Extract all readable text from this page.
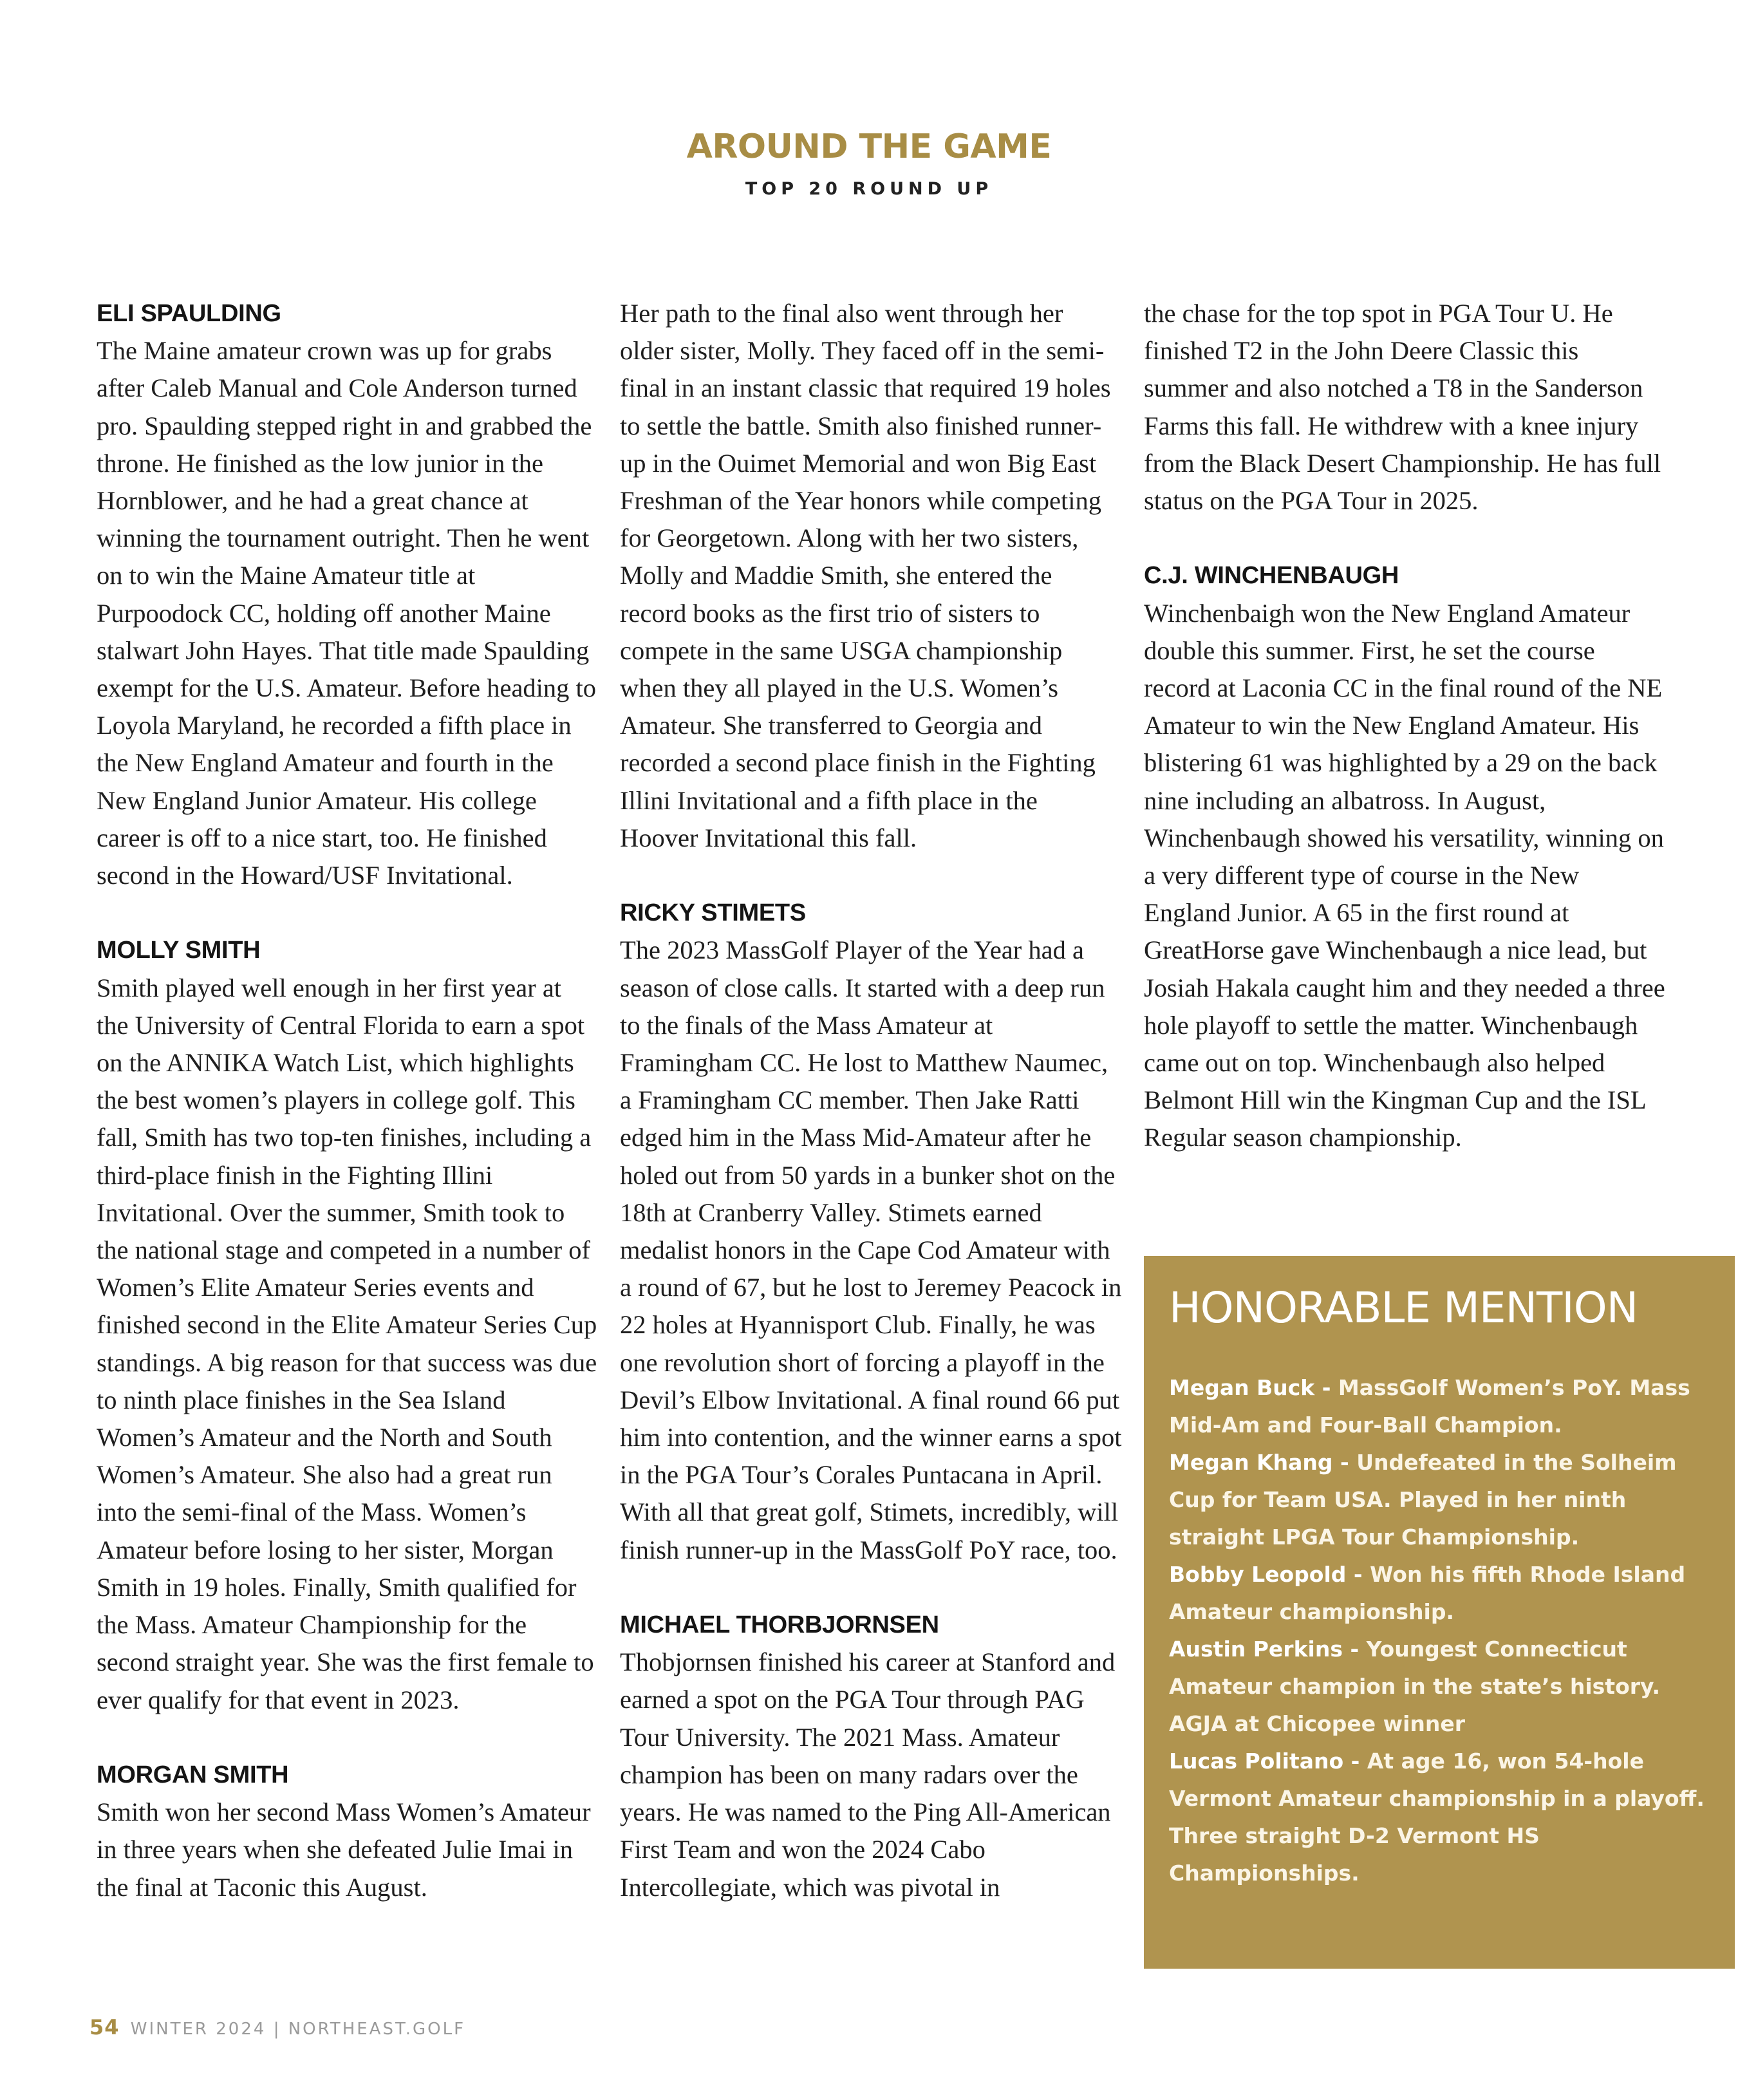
AROUND THE GAME
TOP 20 ROUND UP
ELI SPAULDING

The Maine amateur crown was up for grabs after Caleb Manual and Cole Anderson turned pro. Spaulding stepped right in and grabbed the throne. He finished as the low junior in the Hornblower, and he had a great chance at winning the tournament outright. Then he went on to win the Maine Amateur title at Purpoodock CC, holding off another Maine stalwart John Hayes. That title made Spaulding exempt for the U.S. Amateur. Before heading to Loyola Maryland, he recorded a fifth place in the New England Amateur and fourth in the New England Junior Amateur. His college career is off to a nice start, too. He finished second in the Howard/USF Invitational.

MOLLY SMITH

Smith played well enough in her first year at the University of Central Florida to earn a spot on the ANNIKA Watch List, which highlights the best women’s players in college golf. This fall, Smith has two top-ten finishes, including a third-place finish in the Fighting Illini Invitational. Over the summer, Smith took to the national stage and competed in a number of Women’s Elite Amateur Series events and finished second in the Elite Amateur Series Cup standings. A big reason for that success was due to ninth place finishes in the Sea Island Women’s Amateur and the North and South Women’s Amateur. She also had a great run into the semi-final of the Mass. Women’s Amateur before losing to her sister, Morgan Smith in 19 holes. Finally, Smith qualified for the Mass. Amateur Championship for the second straight year. She was the first female to ever qualify for that event in 2023.

MORGAN SMITH

Smith won her second Mass Women’s Amateur in three years when she defeated Julie Imai in the final at Taconic this August.

Her path to the final also went through her older sister, Molly. They faced off in the semi-final in an instant classic that required 19 holes to settle the battle. Smith also finished runner-up in the Ouimet Memorial and won Big East Freshman of the Year honors while competing for Georgetown. Along with her two sisters, Molly and Maddie Smith, she entered the record books as the first trio of sisters to compete in the same USGA championship when they all played in the U.S. Women’s Amateur. She transferred to Georgia and recorded a second place finish in the Fighting Illini Invitational and a fifth place in the Hoover Invitational this fall.

RICKY STIMETS

The 2023 MassGolf Player of the Year had a season of close calls. It started with a deep run to the finals of the Mass Amateur at Framingham CC. He lost to Matthew Naumec, a Framingham CC member. Then Jake Ratti edged him in the Mass Mid-Amateur after he holed out from 50 yards in a bunker shot on the 18th at Cranberry Valley. Stimets earned medalist honors in the Cape Cod Amateur with a round of 67, but he lost to Jeremey Peacock in 22 holes at Hyannisport Club. Finally, he was one revolution short of forcing a playoff in the Devil’s Elbow Invitational. A final round 66 put him into contention, and the winner earns a spot in the PGA Tour’s Corales Puntacana in April. With all that great golf, Stimets, incredibly, will finish runner-up in the MassGolf PoY race, too.

MICHAEL THORBJORNSEN

Thobjornsen finished his career at Stanford and earned a spot on the PGA Tour through PAG Tour University. The 2021 Mass. Amateur champion has been on many radars over the years. He was named to the Ping All-American First Team and won the 2024 Cabo Intercollegiate, which was pivotal in

the chase for the top spot in PGA Tour U. He finished T2 in the John Deere Classic this summer and also notched a T8 in the Sanderson Farms this fall. He withdrew with a knee injury from the Black Desert Championship. He has full status on the PGA Tour in 2025.

C.J. WINCHENBAUGH

Winchenbaigh won the New England Amateur double this summer. First, he set the course record at Laconia CC in the final round of the NE Amateur to win the New England Amateur. His blistering 61 was highlighted by a 29 on the back nine including an albatross. In August, Winchenbaugh showed his versatility, winning on a very different type of course in the New England Junior. A 65 in the first round at GreatHorse gave Winchenbaugh a nice lead, but Josiah Hakala caught him and they needed a three hole playoff to settle the matter. Winchenbaugh came out on top. Winchenbaugh also helped Belmont Hill win the Kingman Cup and the ISL Regular season championship.

HONORABLE MENTION
Megan Buck - MassGolf Women’s PoY. Mass Mid-Am and Four-Ball Champion.
Megan Khang - Undefeated in the Solheim Cup for Team USA. Played in her ninth straight LPGA Tour Championship.
Bobby Leopold - Won his fifth Rhode Island Amateur championship.
Austin Perkins - Youngest Connecticut Amateur champion in the state’s history. AGJA at Chicopee winner
Lucas Politano - At age 16, won 54-hole Vermont Amateur championship in a playoff. Three straight D-2 Vermont HS Championships.
54 WINTER 2024 | NORTHEAST.GOLF
